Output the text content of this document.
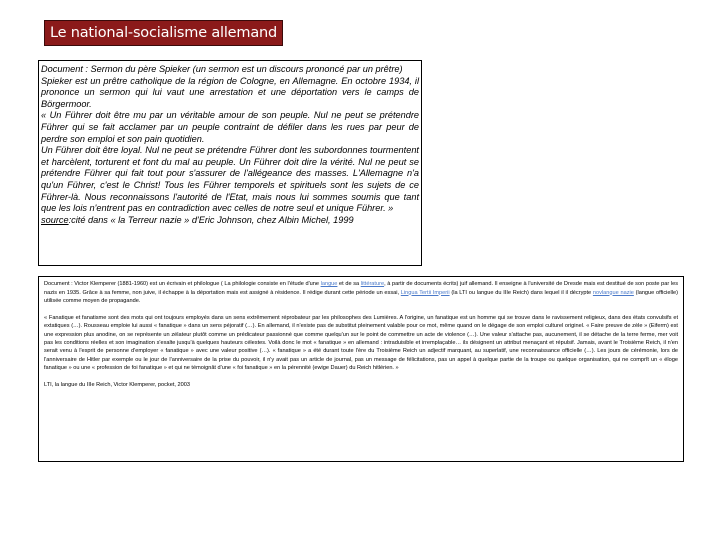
Le national-socialisme allemand

Document : Sermon du père Spieker (un sermon est un discours prononcé par un prêtre)

Spieker est un prêtre catholique de la région de Cologne, en Allemagne. En octobre 1934, il prononce un sermon qui lui vaut une arrestation et une déportation vers le camps de Börgermoor.

« Un Führer doit être mu par un véritable amour de son peuple. Nul ne peut se prétendre Führer qui se fait acclamer par un peuple contraint de défiler dans les rues par peur de perdre son emploi et son pain quotidien.

Un Führer doit être loyal. Nul ne peut se prétendre Führer dont les subordonnes tourmentent et harcèlent, torturent et font du mal au peuple. Un Führer doit dire la vérité. Nul ne peut se prétendre Führer qui fait tout pour s'assurer de l'allégeance des masses. L'Allemagne n'a qu'un Führer, c'est le Christ! Tous les Führer temporels et spirituels sont les sujets de ce Führer-là. Nous reconnaissons l'autorité de l'Etat, mais nous lui sommes soumis que tant que les lois n'entrent pas en contradiction avec celles de notre seul et unique Führer. »

source:cité dans « la Terreur nazie » d'Eric Johnson, chez Albin Michel, 1999

Document : Victor Klemperer (1881-1960) est un écrivain et philologue ( La philologie consiste en l'étude d'une langue et de sa littérature, à partir de documents écrits) juif allemand. Il enseigne à l'université de Dresde mais est destitué de son poste par les nazis en 1935. Grâce à sa femme, non juive, il échappe à la déportation mais est assigné à résidence. Il rédige durant cette période un essai, Lingua Tertii Imperii (la LTI ou langue du IIIe Reich) dans lequel il il décrypte novlangue nazie (langue officielle) utilisée comme moyen de propagande.

« Fanatique et fanatisme sont des mots qui ont toujours employés dans un sens extrêmement réprobateur par les philosophes des Lumières. A l'origine, un fanatique est un homme qui se trouve dans le ravissement religieux, dans des états convulsifs et extatiques (…). Rousseau emploie lui aussi « fanatique » dans un sens péjoratif (…). En allemand, il n'existe pas de substitut pleinement valable pour ce mot, même quand on le dégage de son emploi culturel originel. « Faire preuve de zèle » (Eiferm) est une expression plus anodine, on se représente un zélateur plutôt comme un prédicateur passionné que comme quelqu'un sur le point de commettre un acte de violence (…). Une valeur s'attache pas, aucunement, il se détache de la terre ferme, mer voit pas les conditions réelles et son imagination s'exalte jusqu'à quelques hauteurs célestes. Voilà donc le mot « fanatique » en allemand : intraduisible et irremplaçable… ils désignent un attribut menaçant et répulsif. Jamais, avant le Troisième Reich, il n'en serait venu à l'esprit de personne d'employer « fanatique » avec une valeur positive (…). « fanatique » a été durant toute l'ère du Troisième Reich un adjectif marquant, au superlatif, une reconnaissance officielle (…). Les jours de cérémonie, lors de l'anniversaire de Hitler par exemple ou le jour de l'anniversaire de la prise du pouvoir, il n'y avait pas un article de journal, pas un message de félicitations, pas un appel à quelque partie de la troupe ou quelque organisation, qui ne comprît un « éloge fanatique » ou une « profession de foi fanatique » et qui ne témoignât d'une « foi fanatique » en la pérennité (ewige Dauer) du Reich hitlérien. »

LTI, la langue du IIIe Reich, Victor Klemperer, pocket, 2003
